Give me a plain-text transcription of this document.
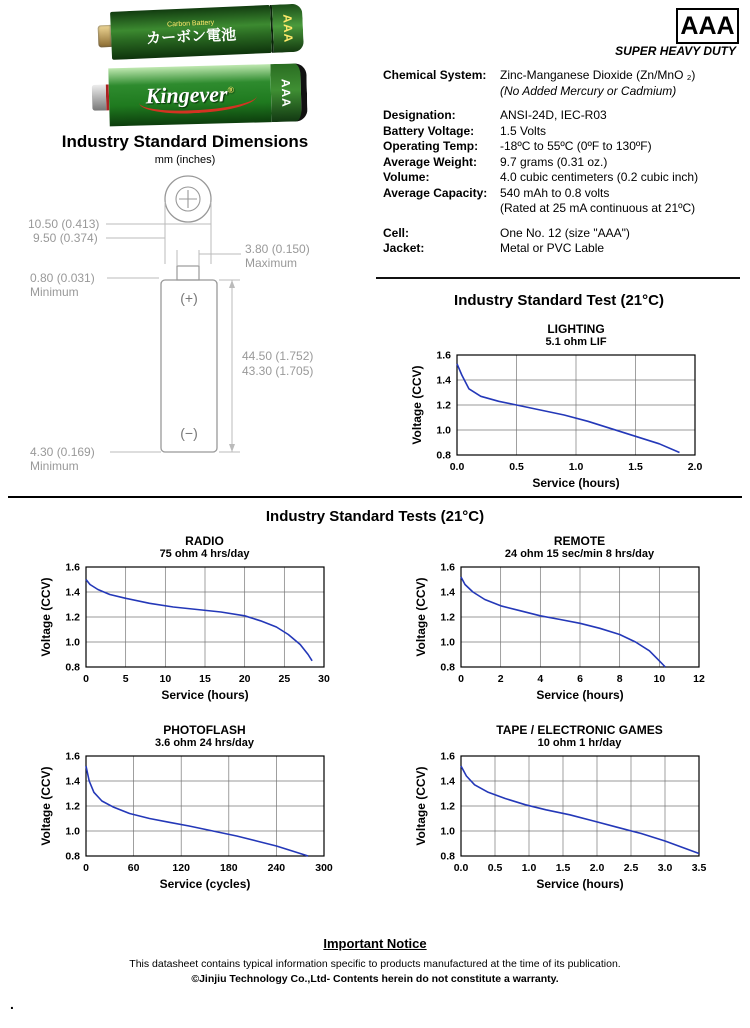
Carbon Battery
カーボン電池	AAA
Kingever®	AAA
AAA
SUPER HEAVY DUTY
Chemical System:	Zinc-Manganese Dioxide (Zn/MnO ₂)
(No Added Mercury or Cadmium)
Designation:	ANSI-24D, IEC-R03
Battery Voltage:	1.5 Volts
Operating Temp:	-18ºC to 55ºC (0ºF to 130ºF)
Average Weight:	9.7 grams (0.31 oz.)
Volume:	4.0 cubic centimeters (0.2 cubic inch)
Average Capacity:	540 mAh to 0.8 volts
(Rated at 25 mA continuous at 21ºC)
Cell:	One No. 12 (size "AAA")
Jacket:	Metal or PVC Lable
Industry Standard Dimensions
mm (inches)
10.50 (0.413)
9.50 (0.374)
3.80 (0.150)
Maximum
(+)
(−)
0.80 (0.031)
Minimum
44.50 (1.752)
43.30 (1.705)
4.30 (0.169)
Minimum
Industry Standard Test (21°C)
LIGHTING
5.1 ohm LIF
0.0	0.5	1.0	1.5	2.0
0.8
1.0
1.2
1.4
1.6
Voltage (CCV)
Service (hours)
Industry Standard Tests (21°C)
RADIO
75 ohm 4 hrs/day
0	5	10	15	20	25	30
0.8
1.0
1.2
1.4
1.6
Voltage (CCV)
Service (hours)
REMOTE
24 ohm 15 sec/min 8 hrs/day
0	2	4	6	8	10	12
0.8
1.0
1.2
1.4
1.6
Voltage (CCV)
Service (hours)
PHOTOFLASH
3.6 ohm 24 hrs/day
0	60	120	180	240	300
0.8
1.0
1.2
1.4
1.6
Voltage (CCV)
Service (cycles)
TAPE / ELECTRONIC GAMES
10 ohm 1 hr/day
0.0 0.5 1.0 1.5 2.0 2.5 3.0 3.5
0.8
1.0
1.2
1.4
1.6
Voltage (CCV)
Service (hours)
Important Notice
This datasheet contains typical information specific to products manufactured at the time of its publication.
©Jinjiu Technology Co.,Ltd- Contents herein do not constitute a warranty.
.
